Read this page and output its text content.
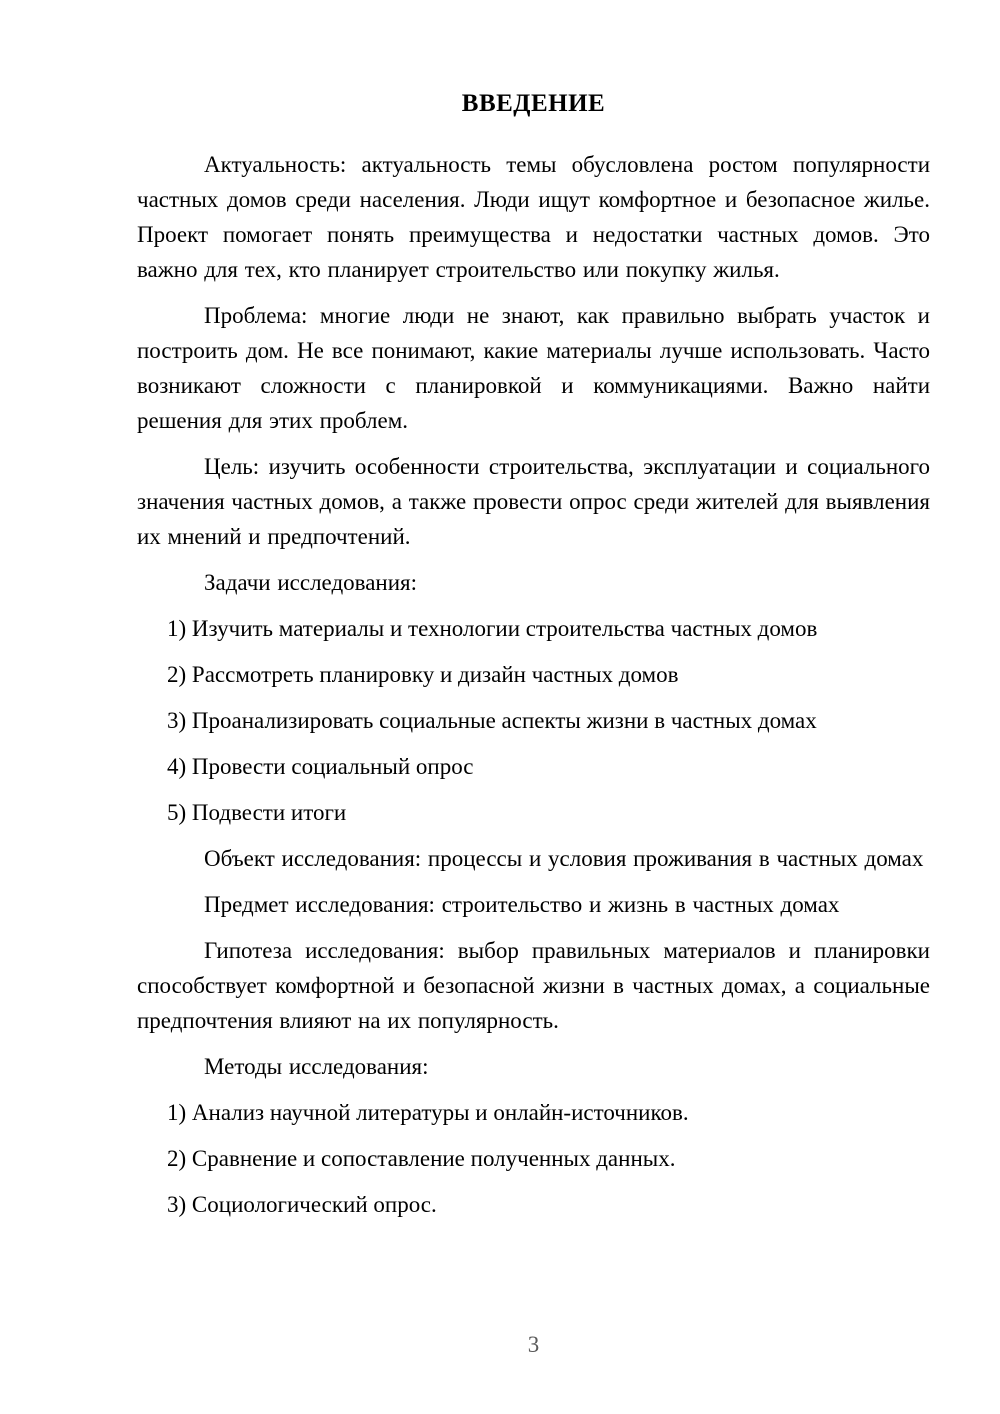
ВВЕДЕНИЕ

Актуальность: актуальность темы обусловлена ростом популярности частных домов среди населения. Люди ищут комфортное и безопасное жилье. Проект помогает понять преимущества и недостатки частных домов. Это важно для тех, кто планирует строительство или покупку жилья.

Проблема: многие люди не знают, как правильно выбрать участок и построить дом. Не все понимают, какие материалы лучше использовать. Часто возникают сложности с планировкой и коммуникациями. Важно найти решения для этих проблем.

Цель: изучить особенности строительства, эксплуатации и социального значения частных домов, а также провести опрос среди жителей для выявления их мнений и предпочтений.

Задачи исследования:

1) Изучить материалы и технологии строительства частных домов

2) Рассмотреть планировку и дизайн частных домов

3) Проанализировать социальные аспекты жизни в частных домах

4) Провести социальный опрос

5) Подвести итоги

Объект исследования: процессы и условия проживания в частных домах

Предмет исследования: строительство и жизнь в частных домах

Гипотеза исследования: выбор правильных материалов и планировки способствует комфортной и безопасной жизни в частных домах, а социальные предпочтения влияют на их популярность.

Методы исследования:

1) Анализ научной литературы и онлайн-источников.

2) Сравнение и сопоставление полученных данных.

3) Социологический опрос.

3
